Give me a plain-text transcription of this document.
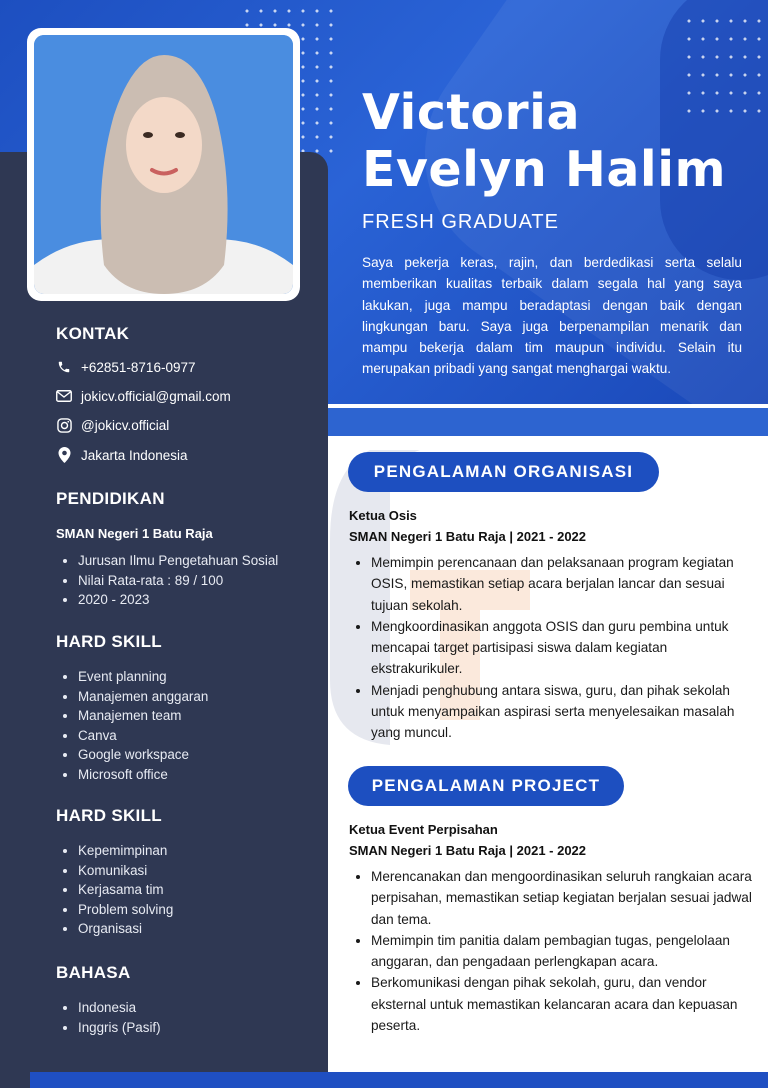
Victoria
Evelyn Halim
FRESH GRADUATE
Saya pekerja keras, rajin, dan berdedikasi serta selalu memberikan kualitas terbaik dalam segala hal yang saya lakukan, juga mampu beradaptasi dengan baik dengan lingkungan baru. Saya juga berpenampilan menarik dan mampu bekerja dalam tim maupun individu. Selain itu merupakan pribadi yang sangat menghargai waktu.
KONTAK
+62851-8716-0977
jokicv.official@gmail.com
@jokicv.official
Jakarta Indonesia
PENDIDIKAN
SMAN Negeri 1 Batu Raja
• Jurusan Ilmu Pengetahuan Sosial
• Nilai Rata-rata : 89 / 100
• 2020 - 2023
HARD SKILL
• Event planning
• Manajemen anggaran
• Manajemen team
• Canva
• Google workspace
• Microsoft office
HARD SKILL
• Kepemimpinan
• Komunikasi
• Kerjasama tim
• Problem solving
• Organisasi
BAHASA
• Indonesia
• Inggris (Pasif)
PENGALAMAN ORGANISASI
Ketua Osis
SMAN Negeri 1 Batu Raja | 2021 - 2022
• Memimpin perencanaan dan pelaksanaan program kegiatan OSIS, memastikan setiap acara berjalan lancar dan sesuai tujuan sekolah.
• Mengkoordinasikan anggota OSIS dan guru pembina untuk mencapai target partisipasi siswa dalam kegiatan ekstrakurikuler.
• Menjadi penghubung antara siswa, guru, dan pihak sekolah untuk menyampaikan aspirasi serta menyelesaikan masalah yang muncul.
PENGALAMAN PROJECT
Ketua Event Perpisahan
SMAN Negeri 1 Batu Raja | 2021 - 2022
• Merencanakan dan mengoordinasikan seluruh rangkaian acara perpisahan, memastikan setiap kegiatan berjalan sesuai jadwal dan tema.
• Memimpin tim panitia dalam pembagian tugas, pengelolaan anggaran, dan pengadaan perlengkapan acara.
• Berkomunikasi dengan pihak sekolah, guru, dan vendor eksternal untuk memastikan kelancaran acara dan kepuasan peserta.
